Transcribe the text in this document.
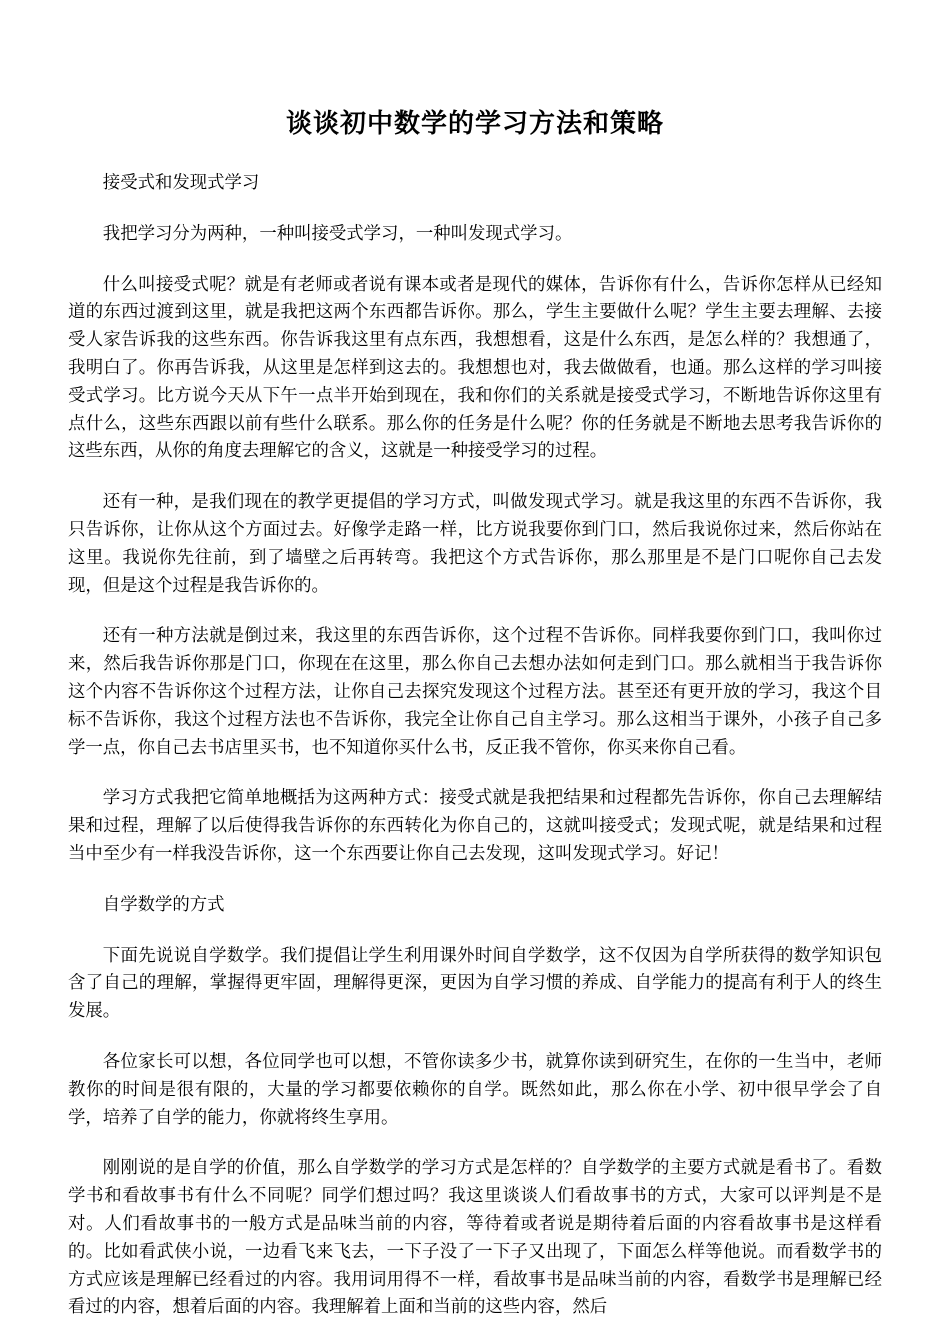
谈谈初中数学的学习方法和策略

接受式和发现式学习

我把学习分为两种，一种叫接受式学习，一种叫发现式学习。

什么叫接受式呢？就是有老师或者说有课本或者是现代的媒体，告诉你有什么，告诉你怎样从已经知道的东西过渡到这里，就是我把这两个东西都告诉你。那么，学生主要做什么呢？学生主要去理解、去接受人家告诉我的这些东西。你告诉我这里有点东西，我想想看，这是什么东西，是怎么样的？我想通了，我明白了。你再告诉我，从这里是怎样到这去的。我想想也对，我去做做看，也通。那么这样的学习叫接受式学习。比方说今天从下午一点半开始到现在，我和你们的关系就是接受式学习，不断地告诉你这里有点什么，这些东西跟以前有些什么联系。那么你的任务是什么呢？你的任务就是不断地去思考我告诉你的这些东西，从你的角度去理解它的含义，这就是一种接受学习的过程。

还有一种，是我们现在的教学更提倡的学习方式，叫做发现式学习。就是我这里的东西不告诉你，我只告诉你，让你从这个方面过去。好像学走路一样，比方说我要你到门口，然后我说你过来，然后你站在这里。我说你先往前，到了墙壁之后再转弯。我把这个方式告诉你，那么那里是不是门口呢你自己去发现，但是这个过程是我告诉你的。

还有一种方法就是倒过来，我这里的东西告诉你，这个过程不告诉你。同样我要你到门口，我叫你过来，然后我告诉你那是门口，你现在在这里，那么你自己去想办法如何走到门口。那么就相当于我告诉你这个内容不告诉你这个过程方法，让你自己去探究发现这个过程方法。甚至还有更开放的学习，我这个目标不告诉你，我这个过程方法也不告诉你，我完全让你自己自主学习。那么这相当于课外，小孩子自己多学一点，你自己去书店里买书，也不知道你买什么书，反正我不管你，你买来你自己看。

学习方式我把它简单地概括为这两种方式：接受式就是我把结果和过程都先告诉你，你自己去理解结果和过程，理解了以后使得我告诉你的东西转化为你自己的，这就叫接受式；发现式呢，就是结果和过程当中至少有一样我没告诉你，这一个东西要让你自己去发现，这叫发现式学习。好记！

自学数学的方式

下面先说说自学数学。我们提倡让学生利用课外时间自学数学，这不仅因为自学所获得的数学知识包含了自己的理解，掌握得更牢固，理解得更深，更因为自学习惯的养成、自学能力的提高有利于人的终生发展。

各位家长可以想，各位同学也可以想，不管你读多少书，就算你读到研究生，在你的一生当中，老师教你的时间是很有限的，大量的学习都要依赖你的自学。既然如此，那么你在小学、初中很早学会了自学，培养了自学的能力，你就将终生享用。

刚刚说的是自学的价值，那么自学数学的学习方式是怎样的？自学数学的主要方式就是看书了。看数学书和看故事书有什么不同呢？同学们想过吗？我这里谈谈人们看故事书的方式，大家可以评判是不是对。人们看故事书的一般方式是品味当前的内容，等待着或者说是期待着后面的内容看故事书是这样看的。比如看武侠小说，一边看飞来飞去，一下子没了一下子又出现了，下面怎么样等他说。而看数学书的方式应该是理解已经看过的内容。我用词用得不一样，看故事书是品味当前的内容，看数学书是理解已经看过的内容，想着后面的内容。我理解着上面和当前的这些内容，然后
